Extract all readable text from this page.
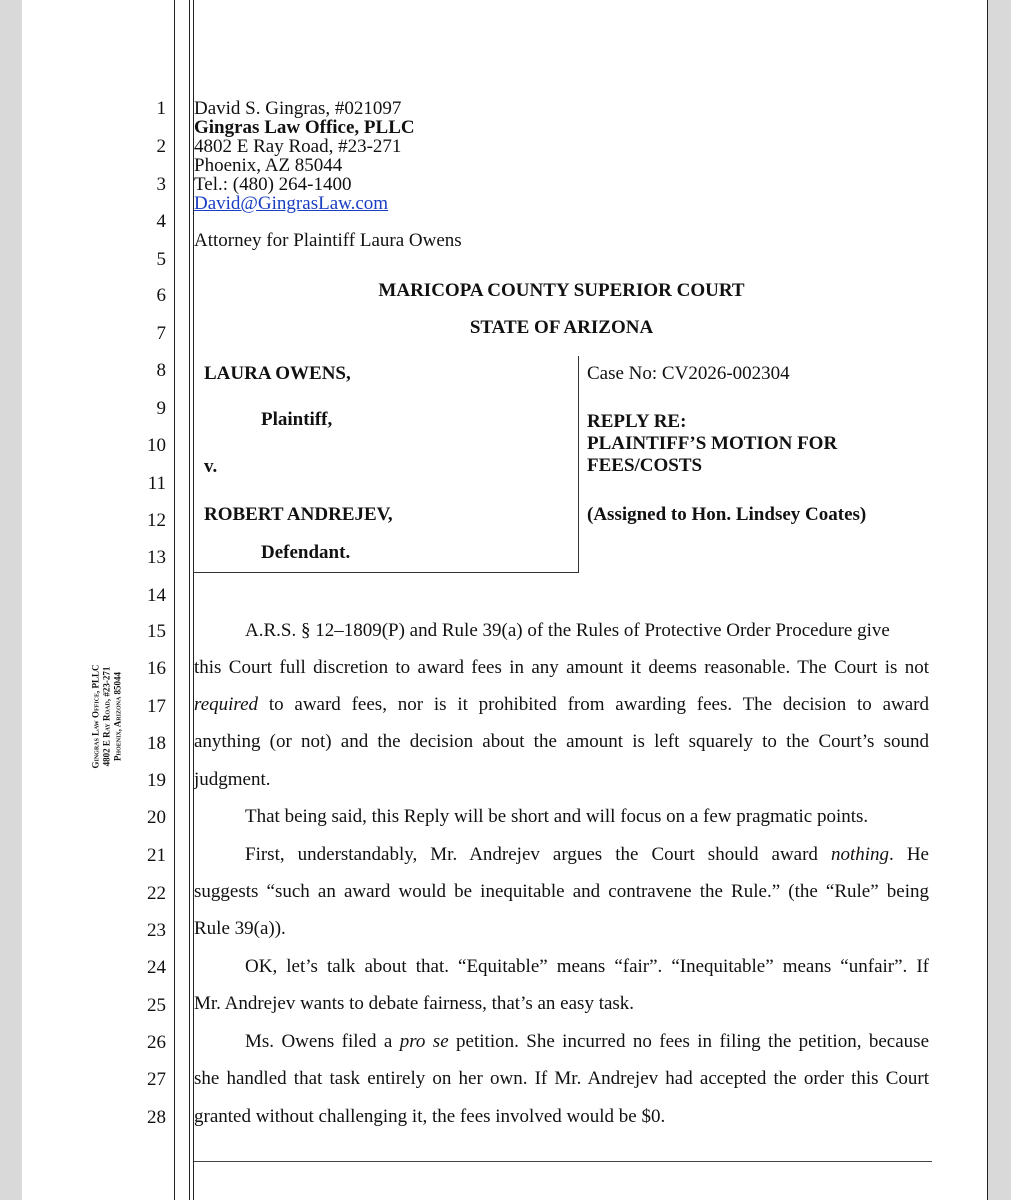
1
2
3
4
5
6
7
8
9
10
11
12
13
14
15
16
17
18
19
20
21
22
23
24
25
26
27
28
Gingras Law Office, PLLC 4802 E Ray Road, #23-271 Phoenix, Arizona 85044
David S. Gingras, #021097
Gingras Law Office, PLLC
4802 E Ray Road, #23-271
Phoenix, AZ 85044
Tel.: (480) 264-1400
David@GingrasLaw.com
Attorney for Plaintiff Laura Owens
MARICOPA COUNTY SUPERIOR COURT
STATE OF ARIZONA
LAURA OWENS,
Plaintiff,
v.
ROBERT ANDREJEV,
Defendant.
Case No: CV2026-002304
REPLY RE:
PLAINTIFF’S MOTION FOR
FEES/COSTS
(Assigned to Hon. Lindsey Coates)
A.R.S. § 12–1809(P) and Rule 39(a) of the Rules of Protective Order Procedure give
this Court full discretion to award fees in any amount it deems reasonable. The Court is not
required to award fees, nor is it prohibited from awarding fees. The decision to award
anything (or not) and the decision about the amount is left squarely to the Court’s sound
judgment.
That being said, this Reply will be short and will focus on a few pragmatic points.
First, understandably, Mr. Andrejev argues the Court should award nothing. He
suggests “such an award would be inequitable and contravene the Rule.” (the “Rule” being
Rule 39(a)).
OK, let’s talk about that. “Equitable” means “fair”. “Inequitable” means “unfair”. If
Mr. Andrejev wants to debate fairness, that’s an easy task.
Ms. Owens filed a pro se petition. She incurred no fees in filing the petition, because
she handled that task entirely on her own. If Mr. Andrejev had accepted the order this Court
granted without challenging it, the fees involved would be $0.
